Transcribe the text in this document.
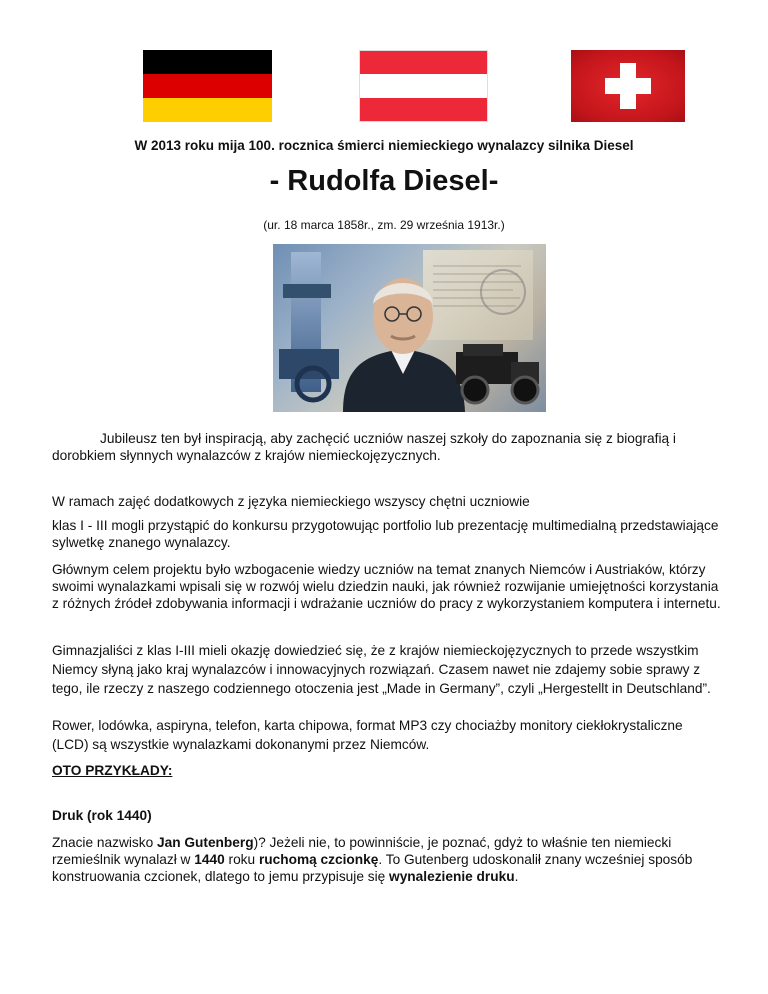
W 2013 roku mija 100. rocznica śmierci niemieckiego wynalazcy silnika Diesel
- Rudolfa Diesel-
(ur. 18 marca 1858r., zm. 29 września 1913r.)
Jubileusz ten był inspiracją, aby zachęcić uczniów naszej szkoły do zapoznania się z biografią i dorobkiem słynnych wynalazców z krajów niemieckojęzycznych.
W ramach zajęć dodatkowych z języka niemieckiego wszyscy chętni uczniowie
klas I - III mogli przystąpić do konkursu przygotowując portfolio lub prezentację multimedialną przedstawiające sylwetkę znanego wynalazcy.
Głównym celem projektu było wzbogacenie wiedzy uczniów na temat znanych Niemców i Austriaków, którzy swoimi wynalazkami wpisali się w rozwój wielu dziedzin nauki, jak również rozwijanie umiejętności korzystania z różnych źródeł zdobywania informacji i wdrażanie uczniów do pracy z wykorzystaniem komputera i internetu.
Gimnazjaliści z klas I-III mieli okazję dowiedzieć się, że z krajów niemieckojęzycznych to przede wszystkim Niemcy słyną jako kraj wynalazców i innowacyjnych rozwiązań. Czasem nawet nie zdajemy sobie sprawy z tego, ile rzeczy z naszego codziennego otoczenia jest „Made in Germany”, czyli „Hergestellt in Deutschland”.
Rower, lodówka, aspiryna, telefon, karta chipowa, format MP3 czy chociażby monitory ciekłokrystaliczne (LCD) są wszystkie wynalazkami dokonanymi przez Niemców.
OTO PRZYKŁADY:
Druk (rok 1440)
Znacie nazwisko Jan Gutenberg)? Jeżeli nie, to powinniście, je poznać, gdyż to właśnie ten niemiecki rzemieślnik wynalazł w 1440 roku ruchomą czcionkę. To Gutenberg udoskonalił znany wcześniej sposób konstruowania czcionek, dlatego to jemu przypisuje się wynalezienie druku.
